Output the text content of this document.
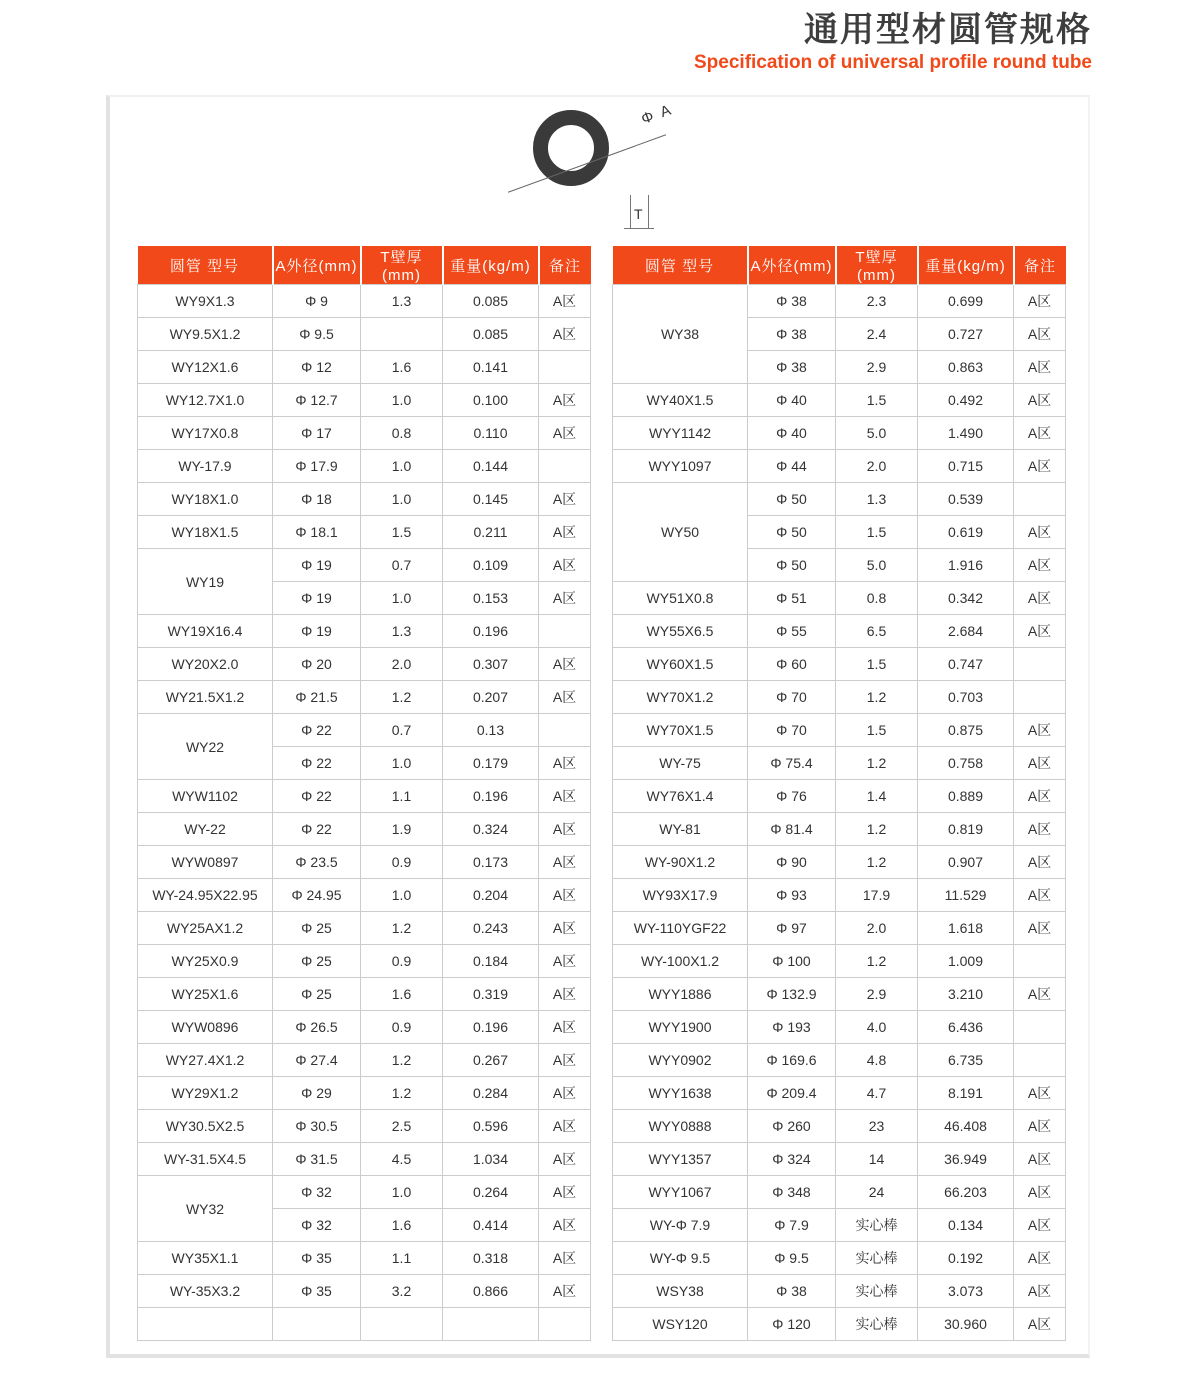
通用型材圆管规格
Specification of universal profile round tube
Φ A
T
圆管 型号	A外径(mm)	T壁厚(mm)	重量(kg/m)	备注
WY9X1.3	Φ 9	1.3	0.085	A区
WY9.5X1.2	Φ 9.5		0.085	A区
WY12X1.6	Φ 12	1.6	0.141	
WY12.7X1.0	Φ 12.7	1.0	0.100	A区
WY17X0.8	Φ 17	0.8	0.110	A区
WY-17.9	Φ 17.9	1.0	0.144	
WY18X1.0	Φ 18	1.0	0.145	A区
WY18X1.5	Φ 18.1	1.5	0.211	A区
WY19	Φ 19	0.7	0.109	A区
	Φ 19	1.0	0.153	A区
WY19X16.4	Φ 19	1.3	0.196	
WY20X2.0	Φ 20	2.0	0.307	A区
WY21.5X1.2	Φ 21.5	1.2	0.207	A区
WY22	Φ 22	0.7	0.13	
	Φ 22	1.0	0.179	A区
WYW1102	Φ 22	1.1	0.196	A区
WY-22	Φ 22	1.9	0.324	A区
WYW0897	Φ 23.5	0.9	0.173	A区
WY-24.95X22.95	Φ 24.95	1.0	0.204	A区
WY25AX1.2	Φ 25	1.2	0.243	A区
WY25X0.9	Φ 25	0.9	0.184	A区
WY25X1.6	Φ 25	1.6	0.319	A区
WYW0896	Φ 26.5	0.9	0.196	A区
WY27.4X1.2	Φ 27.4	1.2	0.267	A区
WY29X1.2	Φ 29	1.2	0.284	A区
WY30.5X2.5	Φ 30.5	2.5	0.596	A区
WY-31.5X4.5	Φ 31.5	4.5	1.034	A区
WY32	Φ 32	1.0	0.264	A区
	Φ 32	1.6	0.414	A区
WY35X1.1	Φ 35	1.1	0.318	A区
WY-35X3.2	Φ 35	3.2	0.866	A区

圆管 型号	A外径(mm)	T壁厚(mm)	重量(kg/m)	备注
WY38	Φ 38	2.3	0.699	A区
	Φ 38	2.4	0.727	A区
	Φ 38	2.9	0.863	A区
WY40X1.5	Φ 40	1.5	0.492	A区
WYY1142	Φ 40	5.0	1.490	A区
WYY1097	Φ 44	2.0	0.715	A区
WY50	Φ 50	1.3	0.539	
	Φ 50	1.5	0.619	A区
	Φ 50	5.0	1.916	A区
WY51X0.8	Φ 51	0.8	0.342	A区
WY55X6.5	Φ 55	6.5	2.684	A区
WY60X1.5	Φ 60	1.5	0.747	
WY70X1.2	Φ 70	1.2	0.703	
WY70X1.5	Φ 70	1.5	0.875	A区
WY-75	Φ 75.4	1.2	0.758	A区
WY76X1.4	Φ 76	1.4	0.889	A区
WY-81	Φ 81.4	1.2	0.819	A区
WY-90X1.2	Φ 90	1.2	0.907	A区
WY93X17.9	Φ 93	17.9	11.529	A区
WY-110YGF22	Φ 97	2.0	1.618	A区
WY-100X1.2	Φ 100	1.2	1.009	
WYY1886	Φ 132.9	2.9	3.210	A区
WYY1900	Φ 193	4.0	6.436	
WYY0902	Φ 169.6	4.8	6.735	
WYY1638	Φ 209.4	4.7	8.191	A区
WYY0888	Φ 260	23	46.408	A区
WYY1357	Φ 324	14	36.949	A区
WYY1067	Φ 348	24	66.203	A区
WY-Φ 7.9	Φ 7.9	实心棒	0.134	A区
WY-Φ 9.5	Φ 9.5	实心棒	0.192	A区
WSY38	Φ 38	实心棒	3.073	A区
WSY120	Φ 120	实心棒	30.960	A区
